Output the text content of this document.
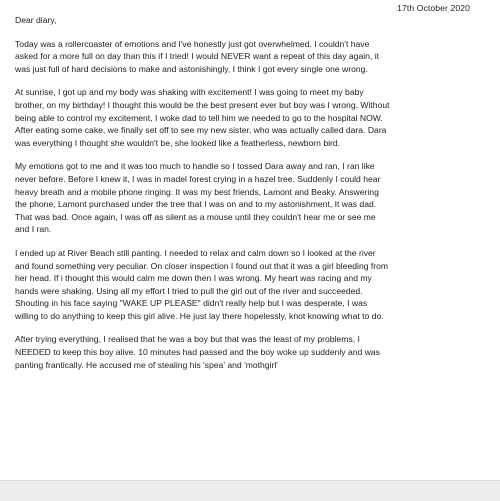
17th October 2020
Dear diary,
Today was a rollercoaster of emotions and I've honestly just got overwhelmed. I couldn't have
asked for a more full on day than this if I tried! I would NEVER want a repeat of this day again, it
was just full of hard decisions to make and astonishingly, I think I got every single one wrong.
At sunrise, I got up and my body was shaking with excitement! I was going to meet my baby
brother, on my birthday! I thought this would be the best present ever but boy was I wrong. Without
being able to control my excitement, I woke dad to tell him we needed to go to the hospital NOW.
After eating some cake, we finally set off to see my new sister, who was actually called dara. Dara
was everything I thought she wouldn't be, she looked like a featherless, newborn bird.
My emotions got to me and it was too much to handle so I tossed Dara away and ran, I ran like
never before. Before I knew it, I was in madel forest crying in a hazel tree. Suddenly I could hear
heavy breath and a mobile phone ringing. It was my best friends, Lamont and Beaky. Answering
the phone, Lamont purchased under the tree that I was on and to my astonishment, It was dad.
That was bad. Once again, I was off as silent as a mouse until they couldn't hear me or see me
and I ran.
I ended up at River Beach still panting. I needed to relax and calm down so I looked at the river
and found something very peculiar. On closer inspection I found out that it was a girl bleeding from
her head. If i thought this would calm me down then I was wrong. My heart was racing and my
hands were shaking. Using all my effort I tried to pull the girl out of the river and succeeded.
Shouting in his face saying "WAKE UP PLEASE" didn't really help but I was desperate, I was
willing to do anything to keep this girl alive. He just lay there hopelessly, knot knowing what to do.
After trying everything, I realised that he was a boy but that was the least of my problems, I
NEEDED to keep this boy alive. 10 minutes had passed and the boy woke up suddenly and was
panting frantically. He accused me of stealing his 'spea' and 'mothgirl'
